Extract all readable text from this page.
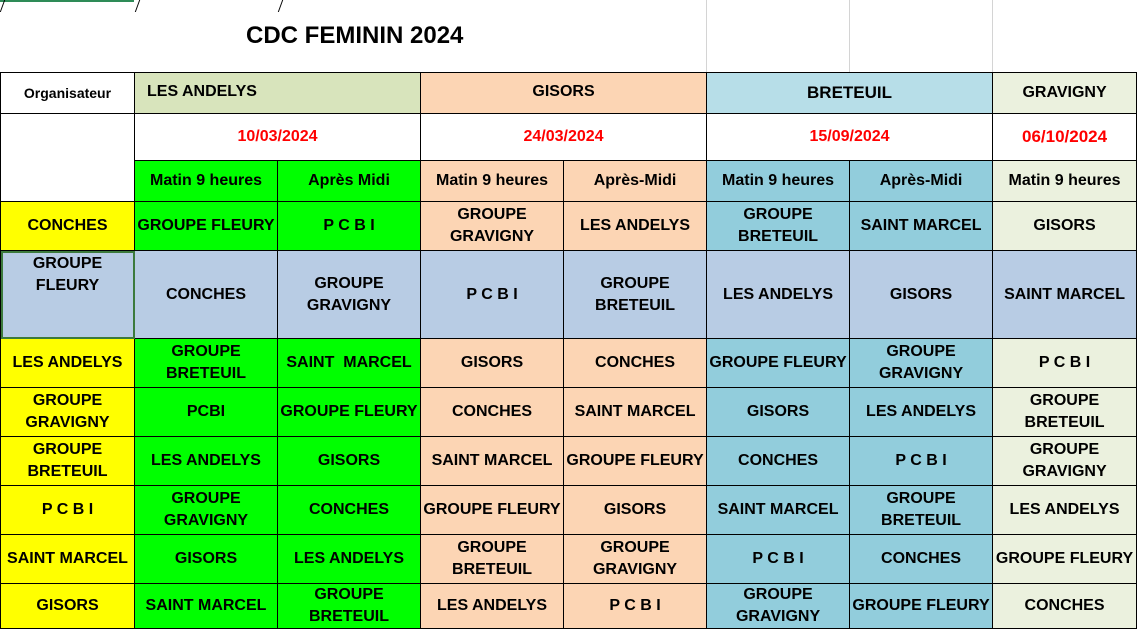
CDC FEMININ 2024
Organisateur	LES ANDELYS		GISORS		BRETEUIL		GRAVIGNY
	10/03/2024		24/03/2024		15/09/2024		06/10/2024
	Matin 9 heures	Après Midi	Matin 9 heures	Après-Midi	Matin 9 heures	Après-Midi	Matin 9 heures
CONCHES	GROUPE FLEURY	P C B I	GROUPE GRAVIGNY	LES ANDELYS	GROUPE BRETEUIL	SAINT MARCEL	GISORS
GROUPE FLEURY	CONCHES	GROUPE GRAVIGNY	P C B I	GROUPE BRETEUIL	LES ANDELYS	GISORS	SAINT MARCEL
LES ANDELYS	GROUPE BRETEUIL	SAINT  MARCEL	GISORS	CONCHES	GROUPE FLEURY	GROUPE GRAVIGNY	P C B I
GROUPE GRAVIGNY	PCBI	GROUPE FLEURY	CONCHES	SAINT MARCEL	GISORS	LES ANDELYS	GROUPE BRETEUIL
GROUPE BRETEUIL	LES ANDELYS	GISORS	SAINT MARCEL	GROUPE FLEURY	CONCHES	P C B I	GROUPE GRAVIGNY
P C B I	GROUPE GRAVIGNY	CONCHES	GROUPE FLEURY	GISORS	SAINT MARCEL	GROUPE BRETEUIL	LES ANDELYS
SAINT MARCEL	GISORS	LES ANDELYS	GROUPE BRETEUIL	GROUPE GRAVIGNY	P C B I	CONCHES	GROUPE FLEURY
GISORS	SAINT MARCEL	GROUPE BRETEUIL	LES ANDELYS	P C B I	GROUPE GRAVIGNY	GROUPE FLEURY	CONCHES
